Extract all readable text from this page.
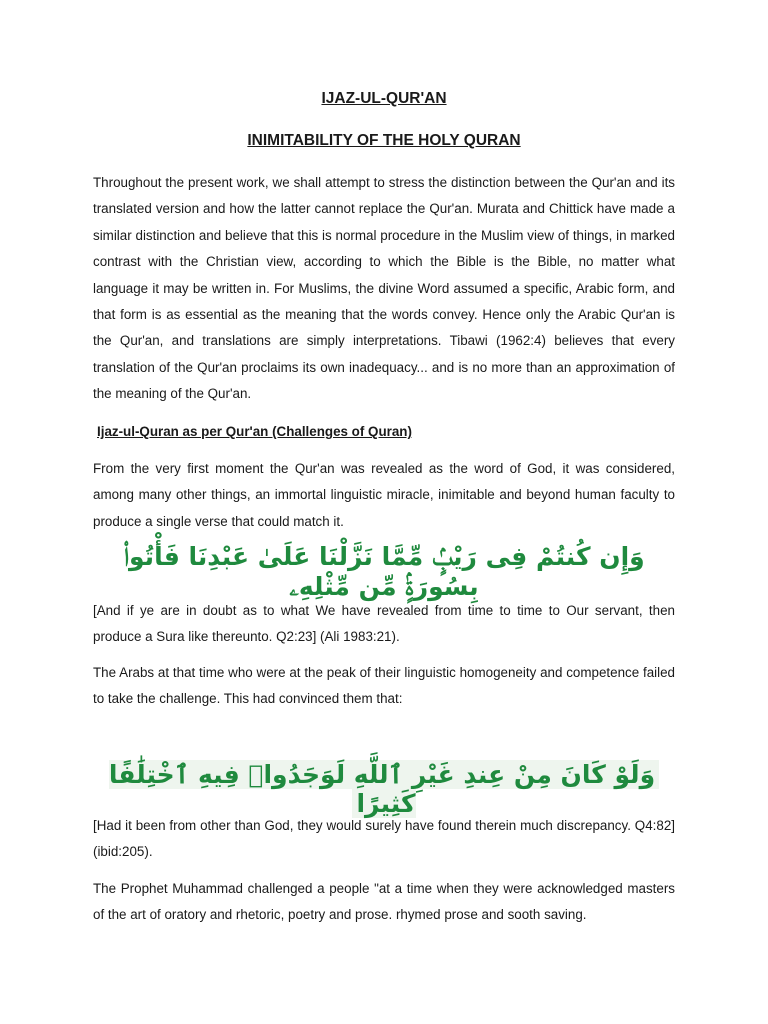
IJAZ-UL-QUR'AN
INIMITABILITY OF THE HOLY QURAN

Throughout the present work, we shall attempt to stress the distinction between the Qur'an and its translated version and how the latter cannot replace the Qur'an. Murata and Chittick have made a similar distinction and believe that this is normal procedure in the Muslim view of things, in marked contrast with the Christian view, according to which the Bible is the Bible, no matter what language it may be written in. For Muslims, the divine Word assumed a specific, Arabic form, and that form is as essential as the meaning that the words convey. Hence only the Arabic Qur'an is the Qur'an, and translations are simply interpretations. Tibawi (1962:4) believes that every translation of the Qur'an proclaims its own inadequacy... and is no more than an approximation of the meaning of the Qur'an.

Ijaz-ul-Quran as per Qur'an (Challenges of Quran)

From the very first moment the Qur'an was revealed as the word of God, it was considered, among many other things, an immortal linguistic miracle, inimitable and beyond human faculty to produce a single verse that could match it.

وَإِن كُنتُمْ فِى رَيْبٍۢ مِّمَّا نَزَّلْنَا عَلَىٰ عَبْدِنَا فَأْتُوا۟ بِسُورَةٍۢ مِّن مِّثْلِهِۦ

[And if ye are in doubt as to what We have revealed from time to time to Our servant, then produce a Sura like thereunto. Q2:23] (Ali 1983:21).

The Arabs at that time who were at the peak of their linguistic homogeneity and competence failed to take the challenge. This had convinced them that:

وَلَوْ كَانَ مِنْ عِندِ غَيْرِ ٱللَّهِ لَوَجَدُوا۟ فِيهِ ٱخْتِلَٰفًا كَثِيرًا

[Had it been from other than God, they would surely have found therein much discrepancy. Q4:82] (ibid:205).

The Prophet Muhammad challenged a people "at a time when they were acknowledged masters of the art of oratory and rhetoric, poetry and prose. rhymed prose and sooth saving.
